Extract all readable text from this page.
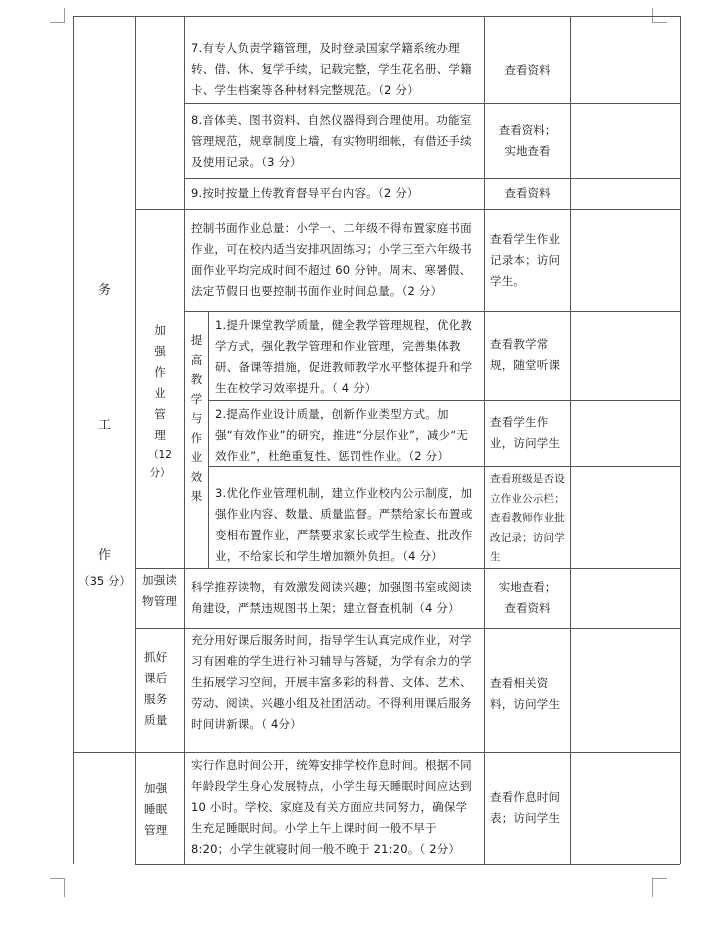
务
工
作
（35 分）
7.有专人负责学籍管理，及时登录国家学籍系统办理转、借、休、复学手续，记载完整，学生花名册、学籍卡、学生档案等各种材料完整规范。（2 分）
查看资料
8.音体美、图书资料、自然仪器得到合理使用。功能室管理规范，规章制度上墙，有实物明细帐，有借还手续及使用记录。（3 分）
查看资料；
实地查看
9.按时按量上传教育督导平台内容。（2 分）	查看资料
加
强
作
业
管
理
（12 分）
控制书面作业总量：小学一、二年级不得布置家庭书面作业，可在校内适当安排巩固练习；小学三至六年级书面作业平均完成时间不超过 60 分钟。周末、寒暑假、法定节假日也要控制书面作业时间总量。（2 分）
查看学生作业记录本；访问学生。
提
高
教
学
与
作
业
效
果
1.提升课堂教学质量，健全教学管理规程，优化教学方式，强化教学管理和作业管理，完善集体教研、备课等措施，促进教师教学水平整体提升和学生在校学习效率提升。（ 4 分）
查看教学常规，随堂听课
2.提高作业设计质量，创新作业类型方式。加强“有效作业”的研究，推进“分层作业”，减少“无效作业”，杜绝重复性、惩罚性作业。（2 分）
查看学生作业，访问学生
3.优化作业管理机制，建立作业校内公示制度，加强作业内容、数量、质量监督。严禁给家长布置或变相布置作业，严禁要求家长或学生检查、批改作业，不给家长和学生增加额外负担。（4 分）
查看班级是否设立作业公示栏；查看教师作业批改记录；访问学生
加强读物管理
科学推荐读物，有效激发阅读兴趣；加强图书室或阅读角建设，严禁违规图书上架；建立督查机制（4 分）
实地查看；
查看资料
抓好课后服务质量
充分用好课后服务时间，指导学生认真完成作业，对学习有困难的学生进行补习辅导与答疑，为学有余力的学生拓展学习空间，开展丰富多彩的科普、文体、艺术、劳动、阅读、兴趣小组及社团活动。不得利用课后服务时间讲新课。（ 4分）
查看相关资料，访问学生
加强睡眠管理
实行作息时间公开，统筹安排学校作息时间。根据不同年龄段学生身心发展特点，小学生每天睡眠时间应达到10 小时。学校、家庭及有关方面应共同努力，确保学生充足睡眠时间。小学上午上课时间一般不早于 8:20；小学生就寝时间一般不晚于 21:20。（ 2分）
查看作息时间表；访问学生
